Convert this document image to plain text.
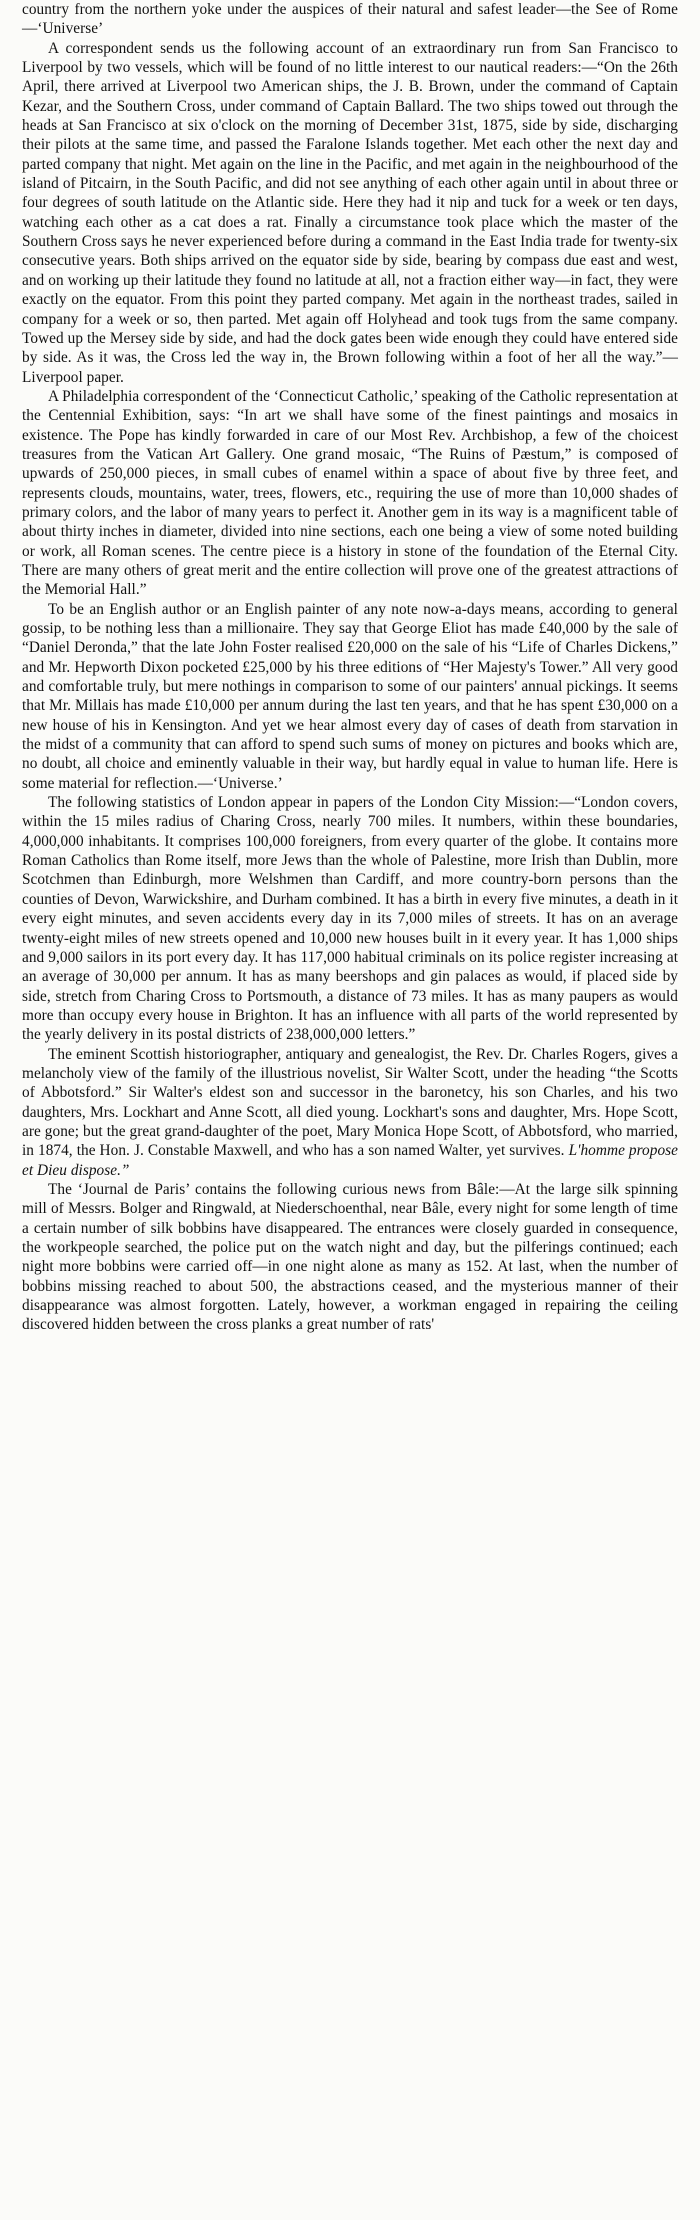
country from the northern yoke under the auspices of their natural and safest leader—the See of Rome—‘Universe’

A correspondent sends us the following account of an extraordinary run from San Francisco to Liverpool by two vessels, which will be found of no little interest to our nautical readers:—“On the 26th April, there arrived at Liverpool two American ships, the J. B. Brown, under the command of Captain Kezar, and the Southern Cross, under command of Captain Ballard. The two ships towed out through the heads at San Francisco at six o'clock on the morning of December 31st, 1875, side by side, discharging their pilots at the same time, and passed the Faralone Islands together. Met each other the next day and parted company that night. Met again on the line in the Pacific, and met again in the neighbourhood of the island of Pitcairn, in the South Pacific, and did not see anything of each other again until in about three or four degrees of south latitude on the Atlantic side. Here they had it nip and tuck for a week or ten days, watching each other as a cat does a rat. Finally a circumstance took place which the master of the Southern Cross says he never experienced before during a command in the East India trade for twenty-six consecutive years. Both ships arrived on the equator side by side, bearing by compass due east and west, and on working up their latitude they found no latitude at all, not a fraction either way—in fact, they were exactly on the equator. From this point they parted company. Met again in the northeast trades, sailed in company for a week or so, then parted. Met again off Holyhead and took tugs from the same company. Towed up the Mersey side by side, and had the dock gates been wide enough they could have entered side by side. As it was, the Cross led the way in, the Brown following within a foot of her all the way.”—Liverpool paper.

A Philadelphia correspondent of the ‘Connecticut Catholic,’ speaking of the Catholic representation at the Centennial Exhibition, says: “In art we shall have some of the finest paintings and mosaics in existence. The Pope has kindly forwarded in care of our Most Rev. Archbishop, a few of the choicest treasures from the Vatican Art Gallery. One grand mosaic, “The Ruins of Pæstum,” is composed of upwards of 250,000 pieces, in small cubes of enamel within a space of about five by three feet, and represents clouds, mountains, water, trees, flowers, etc., requiring the use of more than 10,000 shades of primary colors, and the labor of many years to perfect it. Another gem in its way is a magnificent table of about thirty inches in diameter, divided into nine sections, each one being a view of some noted building or work, all Roman scenes. The centre piece is a history in stone of the foundation of the Eternal City. There are many others of great merit and the entire collection will prove one of the greatest attractions of the Memorial Hall.”

To be an English author or an English painter of any note now-a-days means, according to general gossip, to be nothing less than a millionaire. They say that George Eliot has made £40,000 by the sale of “Daniel Deronda,” that the late John Foster realised £20,000 on the sale of his “Life of Charles Dickens,” and Mr. Hepworth Dixon pocketed £25,000 by his three editions of “Her Majesty's Tower.” All very good and comfortable truly, but mere nothings in comparison to some of our painters' annual pickings. It seems that Mr. Millais has made £10,000 per annum during the last ten years, and that he has spent £30,000 on a new house of his in Kensington. And yet we hear almost every day of cases of death from starvation in the midst of a community that can afford to spend such sums of money on pictures and books which are, no doubt, all choice and eminently valuable in their way, but hardly equal in value to human life. Here is some material for reflection.—‘Universe.’

The following statistics of London appear in papers of the London City Mission:—“London covers, within the 15 miles radius of Charing Cross, nearly 700 miles. It numbers, within these boundaries, 4,000,000 inhabitants. It comprises 100,000 foreigners, from every quarter of the globe. It contains more Roman Catholics than Rome itself, more Jews than the whole of Palestine, more Irish than Dublin, more Scotchmen than Edinburgh, more Welshmen than Cardiff, and more country-born persons than the counties of Devon, Warwickshire, and Durham combined. It has a birth in every five minutes, a death in it every eight minutes, and seven accidents every day in its 7,000 miles of streets. It has on an average twenty-eight miles of new streets opened and 10,000 new houses built in it every year. It has 1,000 ships and 9,000 sailors in its port every day. It has 117,000 habitual criminals on its police register increasing at an average of 30,000 per annum. It has as many beershops and gin palaces as would, if placed side by side, stretch from Charing Cross to Portsmouth, a distance of 73 miles. It has as many paupers as would more than occupy every house in Brighton. It has an influence with all parts of the world represented by the yearly delivery in its postal districts of 238,000,000 letters.”

The eminent Scottish historiographer, antiquary and genealogist, the Rev. Dr. Charles Rogers, gives a melancholy view of the family of the illustrious novelist, Sir Walter Scott, under the heading “the Scotts of Abbotsford.” Sir Walter's eldest son and successor in the baronetcy, his son Charles, and his two daughters, Mrs. Lockhart and Anne Scott, all died young. Lockhart's sons and daughter, Mrs. Hope Scott, are gone; but the great grand-daughter of the poet, Mary Monica Hope Scott, of Abbotsford, who married, in 1874, the Hon. J. Constable Maxwell, and who has a son named Walter, yet survives. L'homme propose et Dieu dispose.”

The ‘Journal de Paris’ contains the following curious news from Bâle:—At the large silk spinning mill of Messrs. Bolger and Ringwald, at Niederschoenthal, near Bâle, every night for some length of time a certain number of silk bobbins have disappeared. The entrances were closely guarded in consequence, the workpeople searched, the police put on the watch night and day, but the pilferings continued; each night more bobbins were carried off—in one night alone as many as 152. At last, when the number of bobbins missing reached to about 500, the abstractions ceased, and the mysterious manner of their disappearance was almost forgotten. Lately, however, a workman engaged in repairing the ceiling discovered hidden between the cross planks a great number of rats'
